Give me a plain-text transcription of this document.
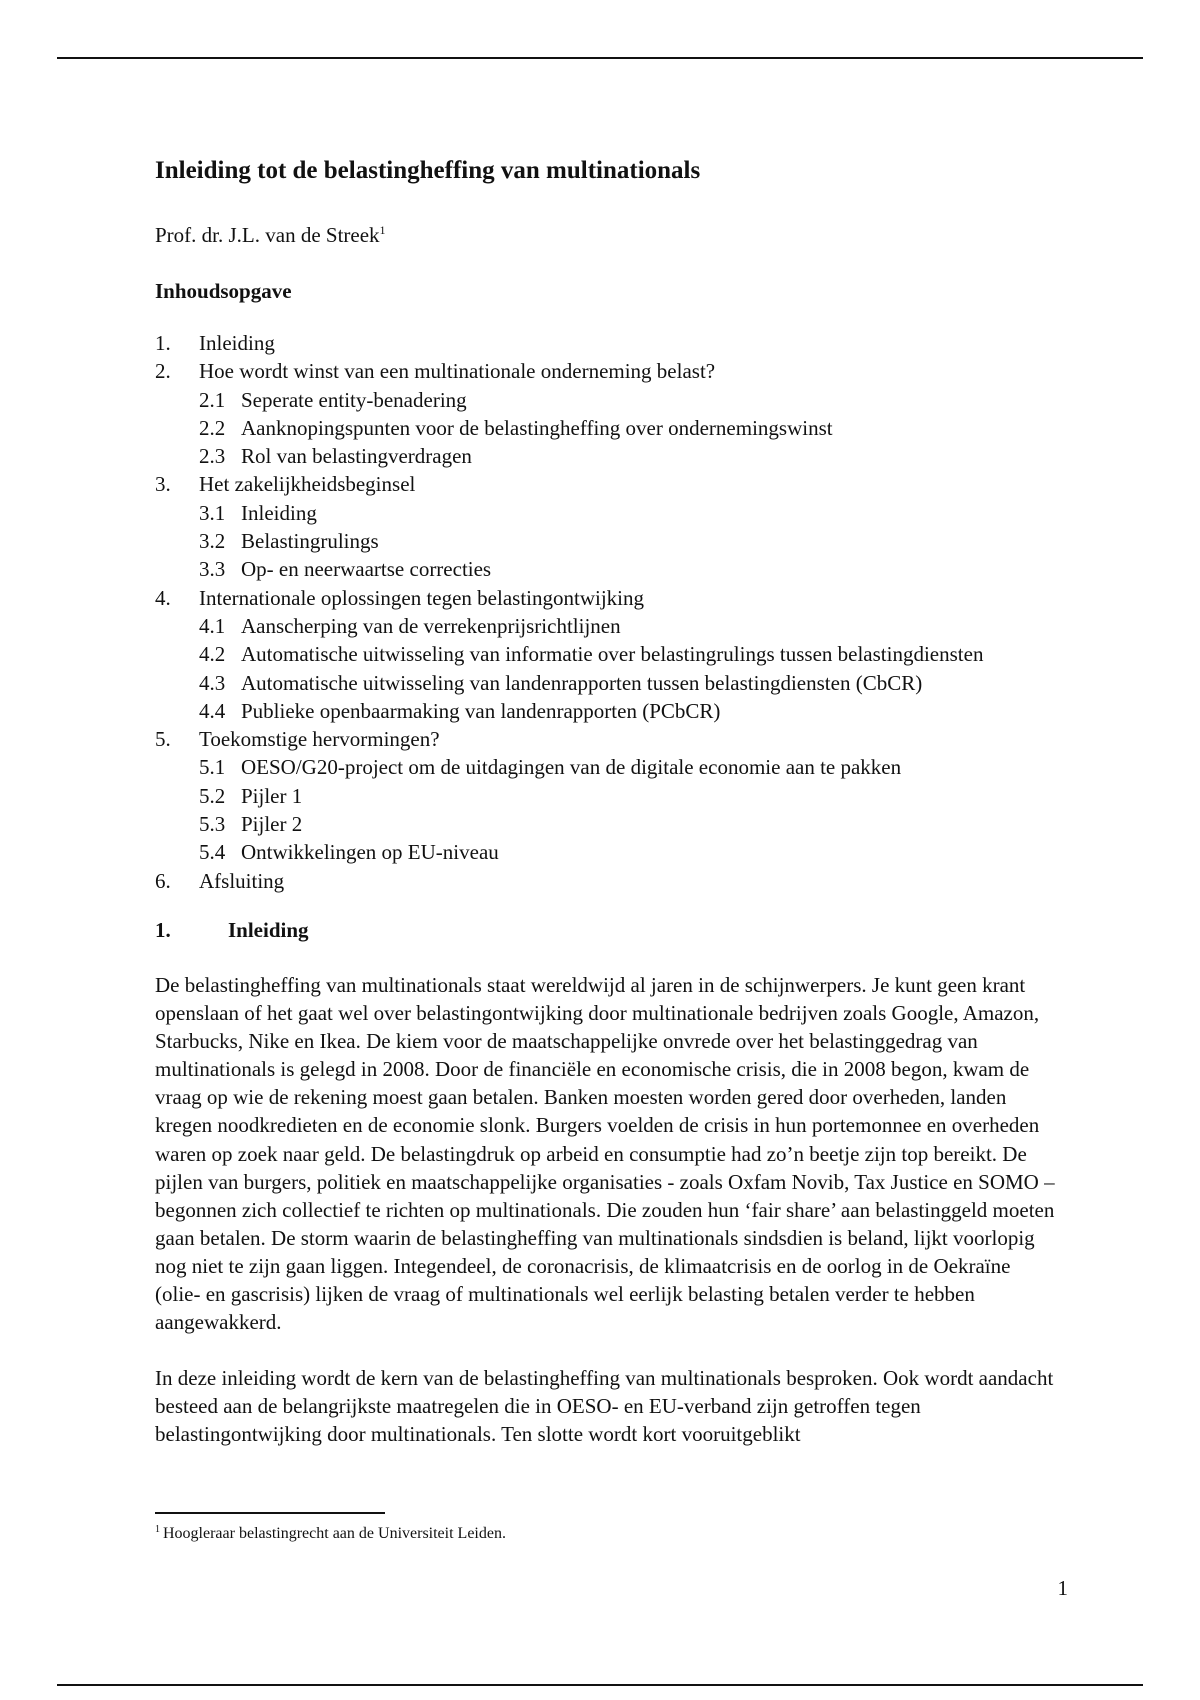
Inleiding tot de belastingheffing van multinationals
Prof. dr. J.L. van de Streek$^1$
Inhoudsopgave
1.	Inleiding
2.	Hoe wordt winst van een multinationale onderneming belast?
2.1 Seperate entity-benadering
2.2 Aanknopingspunten voor de belastingheffing over ondernemingswinst
2.3 Rol van belastingverdragen
3.	Het zakelijkheidsbeginsel
3.1 Inleiding
3.2 Belastingrulings
3.3 Op- en neerwaartse correcties
4.	Internationale oplossingen tegen belastingontwijking
4.1 Aanscherping van de verrekenprijsrichtlijnen
4.2 Automatische uitwisseling van informatie over belastingrulings tussen belastingdiensten
4.3 Automatische uitwisseling van landenrapporten tussen belastingdiensten (CbCR)
4.4 Publieke openbaarmaking van landenrapporten (PCbCR)
5.	Toekomstige hervormingen?
5.1 OESO/G20-project om de uitdagingen van de digitale economie aan te pakken
5.2 Pijler 1
5.3 Pijler 2
5.4 Ontwikkelingen op EU-niveau
6.	Afsluiting
1.	Inleiding

De belastingheffing van multinationals staat wereldwijd al jaren in de schijnwerpers. Je kunt geen krant openslaan of het gaat wel over belastingontwijking door multinationale bedrijven zoals Google, Amazon, Starbucks, Nike en Ikea. De kiem voor de maatschappelijke onvrede over het belastinggedrag van multinationals is gelegd in 2008. Door de financiële en economische crisis, die in 2008 begon, kwam de vraag op wie de rekening moest gaan betalen. Banken moesten worden gered door overheden, landen kregen noodkredieten en de economie slonk. Burgers voelden de crisis in hun portemonnee en overheden waren op zoek naar geld. De belastingdruk op arbeid en consumptie had zo’n beetje zijn top bereikt. De pijlen van burgers, politiek en maatschappelijke organisaties - zoals Oxfam Novib, Tax Justice en SOMO – begonnen zich collectief te richten op multinationals. Die zouden hun ‘fair share’ aan belastinggeld moeten gaan betalen. De storm waarin de belastingheffing van multinationals sindsdien is beland, lijkt voorlopig nog niet te zijn gaan liggen. Integendeel, de coronacrisis, de klimaatcrisis en de oorlog in de Oekraïne (olie- en gascrisis) lijken de vraag of multinationals wel eerlijk belasting betalen verder te hebben aangewakkerd.

In deze inleiding wordt de kern van de belastingheffing van multinationals besproken. Ook wordt aandacht besteed aan de belangrijkste maatregelen die in OESO- en EU-verband zijn getroffen tegen belastingontwijking door multinationals. Ten slotte wordt kort vooruitgeblikt

$^1$ Hoogleraar belastingrecht aan de Universiteit Leiden.
1
